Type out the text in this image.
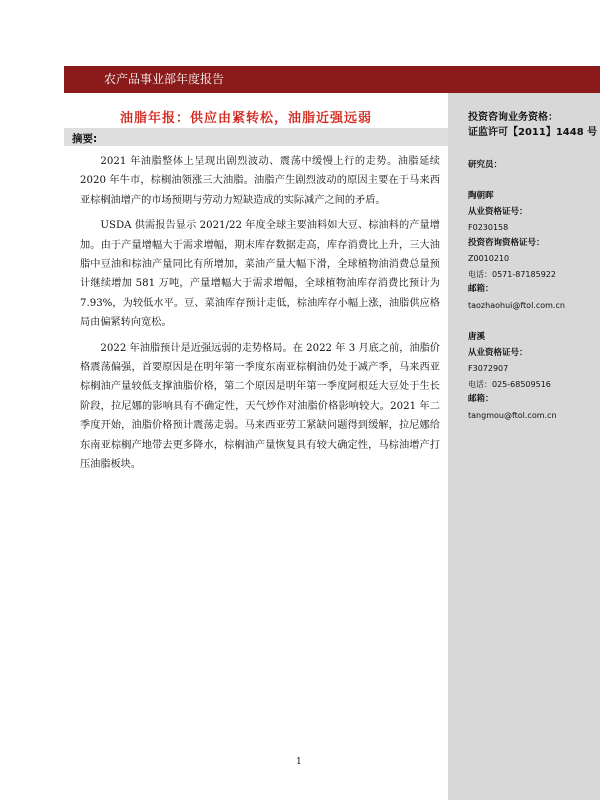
农产品事业部年度报告
油脂年报：供应由紧转松，油脂近强远弱
摘要:

2021 年油脂整体上呈现出剧烈波动、震荡中缓慢上行的走势。油脂延续 2020 年牛市，棕榈油领涨三大油脂。油脂产生剧烈波动的原因主要在于马来西亚棕榈油增产的市场预期与劳动力短缺造成的实际减产之间的矛盾。

USDA 供需报告显示 2021/22 年度全球主要油料如大豆、棕油料的产量增加。由于产量增幅大于需求增幅，期末库存数据走高，库存消费比上升，三大油脂中豆油和棕油产量同比有所增加，菜油产量大幅下滑，全球植物油消费总量预计继续增加 581 万吨，产量增幅大于需求增幅，全球植物油库存消费比预计为 7.93%，为较低水平。豆、菜油库存预计走低，棕油库存小幅上涨，油脂供应格局由偏紧转向宽松。

2022 年油脂预计是近强远弱的走势格局。在 2022 年 3 月底之前，油脂价格震荡偏强，首要原因是在明年第一季度东南亚棕榈油仍处于减产季，马来西亚棕榈油产量较低支撑油脂价格，第二个原因是明年第一季度阿根廷大豆处于生长阶段，拉尼娜的影响具有不确定性，天气炒作对油脂价格影响较大。2021 年二季度开始，油脂价格预计震荡走弱。马来西亚劳工紧缺问题得到缓解，拉尼娜给东南亚棕榈产地带去更多降水，棕榈油产量恢复具有较大确定性，马棕油增产打压油脂板块。

投资咨询业务资格：
证监许可【2011】1448 号
研究员：
陶朝晖
从业资格证号：
F0230158
投资咨询资格证号：
Z0010210
电话：0571-87185922
邮箱：
taozhaohui@ftol.com.cn
唐溪
从业资格证号：
F3072907
电话：025-68509516
邮箱：
tangmou@ftol.com.cn
1
